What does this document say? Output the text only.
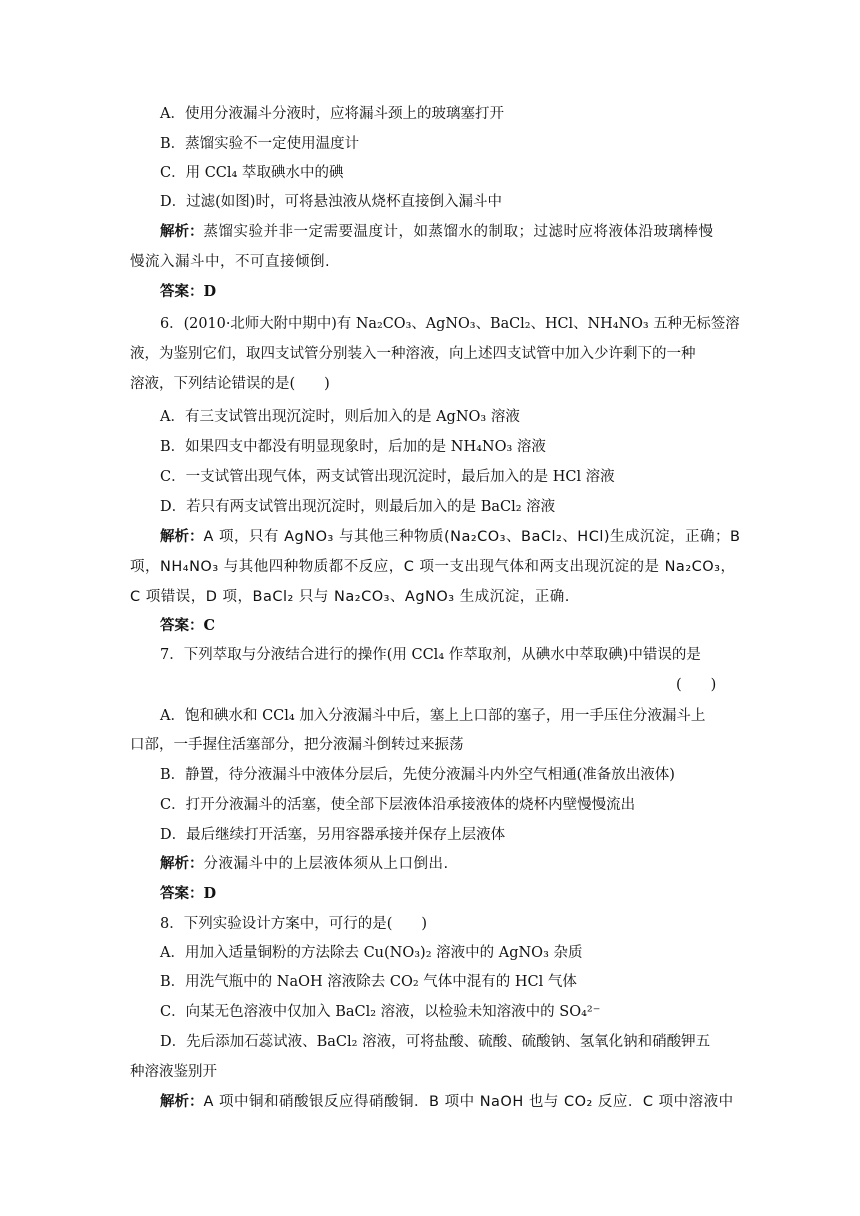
A．使用分液漏斗分液时，应将漏斗颈上的玻璃塞打开
B．蒸馏实验不一定使用温度计
C．用 CCl₄ 萃取碘水中的碘
D．过滤(如图)时，可将悬浊液从烧杯直接倒入漏斗中
解析：蒸馏实验并非一定需要温度计，如蒸馏水的制取；过滤时应将液体沿玻璃棒慢
慢流入漏斗中，不可直接倾倒.
答案：D
6．(2010·北师大附中期中)有 Na₂CO₃、AgNO₃、BaCl₂、HCl、NH₄NO₃ 五种无标签溶
液，为鉴别它们，取四支试管分别装入一种溶液，向上述四支试管中加入少许剩下的一种
溶液，下列结论错误的是(　　)
A．有三支试管出现沉淀时，则后加入的是 AgNO₃ 溶液
B．如果四支中都没有明显现象时，后加的是 NH₄NO₃ 溶液
C．一支试管出现气体，两支试管出现沉淀时，最后加入的是 HCl 溶液
D．若只有两支试管出现沉淀时，则最后加入的是 BaCl₂ 溶液
解析：A 项，只有 AgNO₃ 与其他三种物质(Na₂CO₃、BaCl₂、HCl)生成沉淀，正确；B
项，NH₄NO₃ 与其他四种物质都不反应，C 项一支出现气体和两支出现沉淀的是 Na₂CO₃，
C 项错误，D 项，BaCl₂ 只与 Na₂CO₃、AgNO₃ 生成沉淀，正确.
答案：C
7．下列萃取与分液结合进行的操作(用 CCl₄ 作萃取剂，从碘水中萃取碘)中错误的是
(　　)
A．饱和碘水和 CCl₄ 加入分液漏斗中后，塞上上口部的塞子，用一手压住分液漏斗上
口部，一手握住活塞部分，把分液漏斗倒转过来振荡
B．静置，待分液漏斗中液体分层后，先使分液漏斗内外空气相通(准备放出液体)
C．打开分液漏斗的活塞，使全部下层液体沿承接液体的烧杯内壁慢慢流出
D．最后继续打开活塞，另用容器承接并保存上层液体
解析：分液漏斗中的上层液体须从上口倒出.
答案：D
8．下列实验设计方案中，可行的是(　　)
A．用加入适量铜粉的方法除去 Cu(NO₃)₂ 溶液中的 AgNO₃ 杂质
B．用洗气瓶中的 NaOH 溶液除去 CO₂ 气体中混有的 HCl 气体
C．向某无色溶液中仅加入 BaCl₂ 溶液，以检验未知溶液中的 SO₄²⁻
D．先后添加石蕊试液、BaCl₂ 溶液，可将盐酸、硫酸、硫酸钠、氢氧化钠和硝酸钾五
种溶液鉴别开
解析：A 项中铜和硝酸银反应得硝酸铜．B 项中 NaOH 也与 CO₂ 反应．C 项中溶液中
